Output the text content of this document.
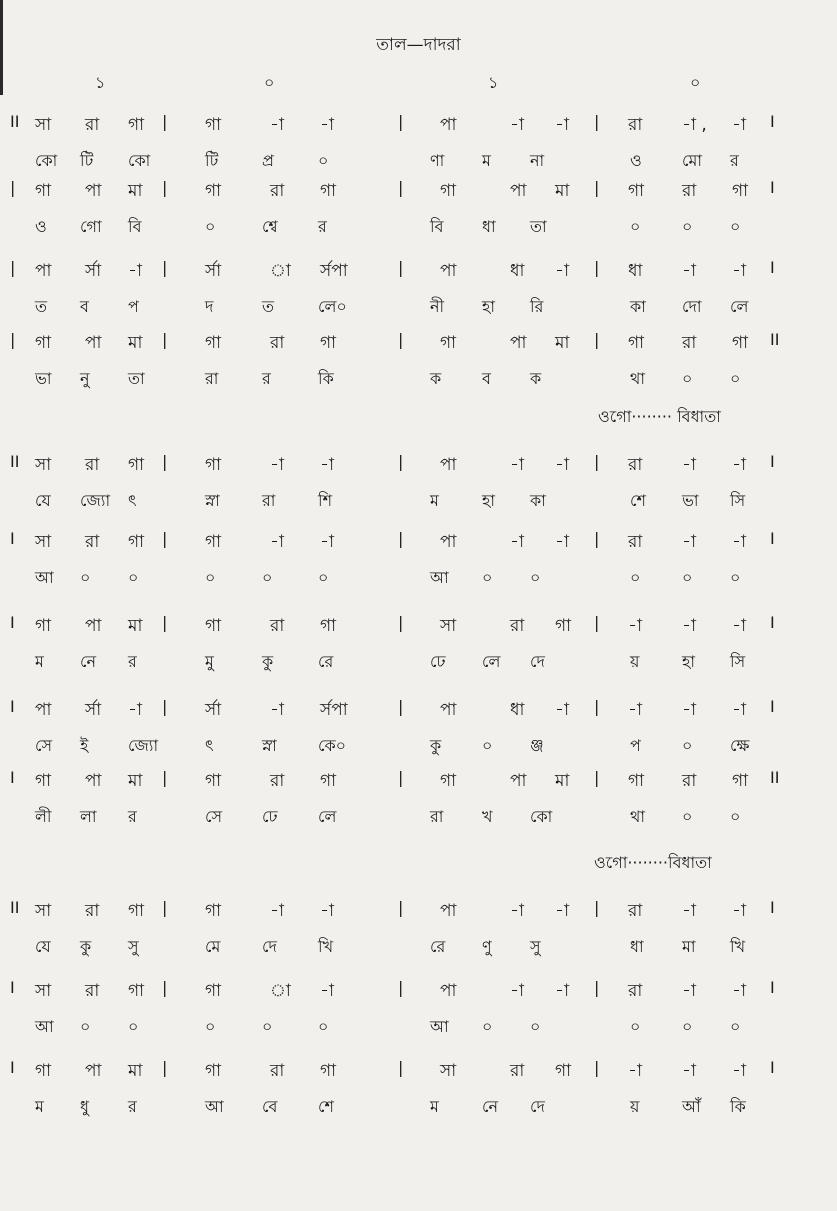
তাল—দাদরা
১	০	১	০
II সা রা গা | গা	-া -া	| পা	-া -া | রা -া , -া I
কো টি কো	টি	প্র	০	ণা ম না	ও	মো র
| গা পা মা | গা	রা গা	| গা	পা মা | গা রা গা I
ও গো বি	০	শ্বে	র	বি ধা তা	০	০ ০
| পা র্সা -া | র্সা	া র্সপা	| পা	ধা -া | ধা -া -া I
ত ব প	দ	ত	লে০	নী হা রি	কা দো লে
| গা পা মা | গা	রা গা	| গা	পা মা | গা রা গা II
ভা নু তা	রা	র	কি	ক	ব ক	থা ০ ০
ওগো········ বিধাতা
II সা রা গা | গা	-া -া	| পা	-া -া | রা -া -া I
যে জ্যো ৎ	স্না	রা	শি	ম	হা কা	শে ভা সি
I সা রা গা | গা	-া -া	| পা	-া -া | রা -া -া I
আ ০ ০	০	০	০	আ ০ ০	০	০ ০
I গা পা মা | গা	রা গা	| সা	রা গা | -া -া -া I
ম নে র	মু	কু	রে	ঢে লে দে	য়	হা সি
I পা র্সা -া | র্সা	-া র্সপা	| পা	ধা -া | -া -া -া I
সে ই জ্যো	ৎ	স্না	কে০	কু	০ ঞ্জ	প	০ ক্ষে
I গা পা মা | গা	রা গা	| গা	পা মা | গা রা গা II
লী লা র	সে ঢে	লে	রা খ কো	থা ০ ০
ওগো········বিধাতা
II সা রা গা | গা	-া -া	| পা	-া -া | রা -া -া I
যে কু সু	মে	দে	খি	রে ণু সু	ধা মা খি
I সা রা গা | গা	া -া	| পা	-া -া | রা -া -া I
আ ০ ০	০	০	০	আ ০ ০	০	০ ০
I গা পা মা | গা	রা গা	| সা	রা গা | -া -া -া I
ম ধু র	আ বে	শে	ম	নে দে	য়	আঁ কি
